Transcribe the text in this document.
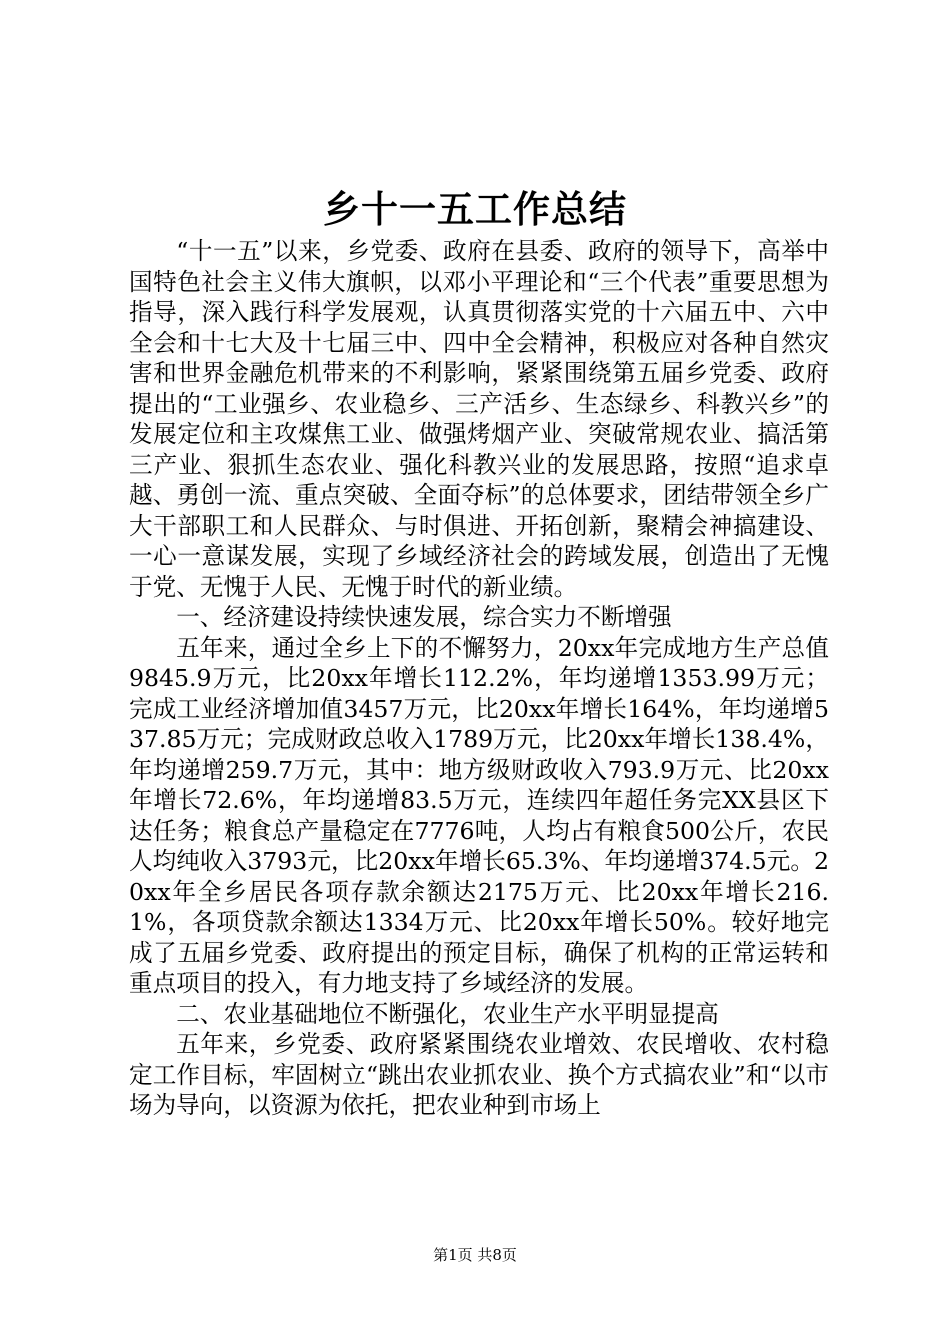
乡十一五工作总结

“十一五”以来，乡党委、政府在县委、政府的领导下，高举中国特色社会主义伟大旗帜，以邓小平理论和“三个代表”重要思想为指导，深入践行科学发展观，认真贯彻落实党的十六届五中、六中全会和十七大及十七届三中、四中全会精神，积极应对各种自然灾害和世界金融危机带来的不利影响，紧紧围绕第五届乡党委、政府提出的“工业强乡、农业稳乡、三产活乡、生态绿乡、科教兴乡”的发展定位和主攻煤焦工业、做强烤烟产业、突破常规农业、搞活第三产业、狠抓生态农业、强化科教兴业的发展思路，按照“追求卓越、勇创一流、重点突破、全面夺标”的总体要求，团结带领全乡广大干部职工和人民群众、与时俱进、开拓创新，聚精会神搞建设、一心一意谋发展，实现了乡域经济社会的跨域发展，创造出了无愧于党、无愧于人民、无愧于时代的新业绩。

一、经济建设持续快速发展，综合实力不断增强

五年来，通过全乡上下的不懈努力，20xx年完成地方生产总值9845.9万元，比20xx年增长112.2%，年均递增1353.99万元；完成工业经济增加值3457万元，比20xx年增长164%，年均递增537.85万元；完成财政总收入1789万元，比20xx年增长138.4%，年均递增259.7万元，其中：地方级财政收入793.9万元、比20xx年增长72.6%，年均递增83.5万元，连续四年超任务完XX县区下达任务；粮食总产量稳定在7776吨，人均占有粮食500公斤，农民人均纯收入3793元，比20xx年增长65.3%、年均递增374.5元。20xx年全乡居民各项存款余额达2175万元、比20xx年增长216.1%，各项贷款余额达1334万元、比20xx年增长50%。较好地完成了五届乡党委、政府提出的预定目标，确保了机构的正常运转和重点项目的投入，有力地支持了乡域经济的发展。

二、农业基础地位不断强化，农业生产水平明显提高

五年来，乡党委、政府紧紧围绕农业增效、农民增收、农村稳定工作目标，牢固树立“跳出农业抓农业、换个方式搞农业”和“以市场为导向，以资源为依托，把农业种到市场上

第1页 共8页
